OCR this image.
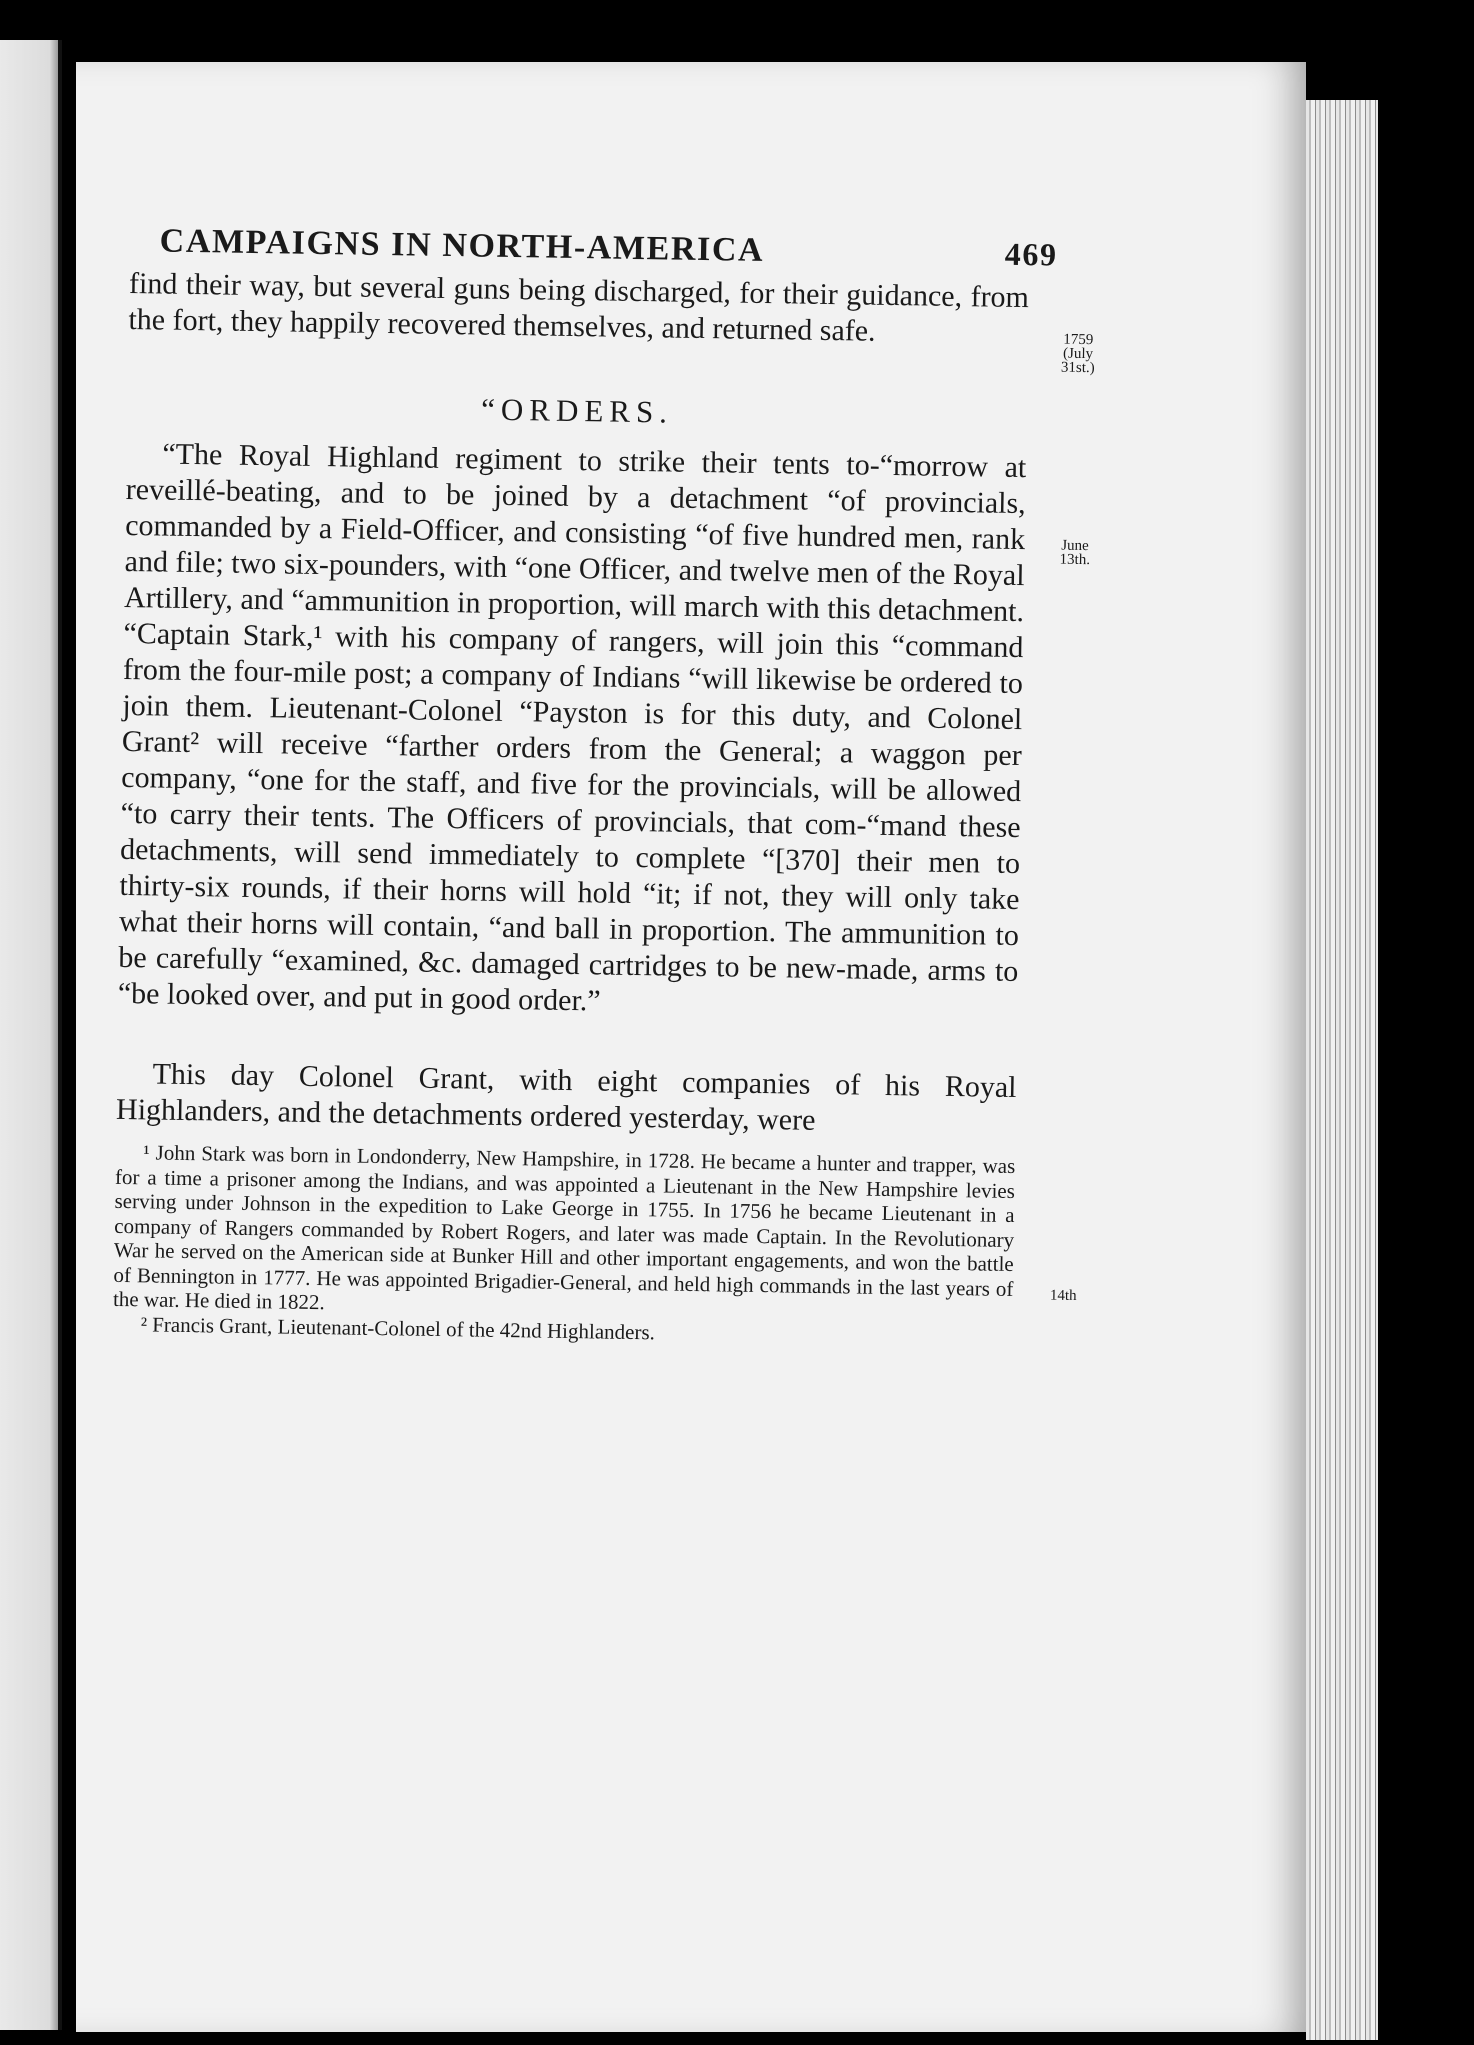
CAMPAIGNS IN NORTH-AMERICA	469

find their way, but several guns being discharged, for their guidance, from the fort, they happily recovered themselves, and returned safe.

“ORDERS.

“The Royal Highland regiment to strike their tents to-“morrow at reveillé-beating, and to be joined by a detachment “of provincials, commanded by a Field-Officer, and consisting “of five hundred men, rank and file; two six-pounders, with “one Officer, and twelve men of the Royal Artillery, and “ammunition in proportion, will march with this detachment. “Captain Stark,¹ with his company of rangers, will join this “command from the four-mile post; a company of Indians “will likewise be ordered to join them. Lieutenant-Colonel “Payston is for this duty, and Colonel Grant² will receive “farther orders from the General; a waggon per company, “one for the staff, and five for the provincials, will be allowed “to carry their tents. The Officers of provincials, that com-“mand these detachments, will send immediately to complete “[370] their men to thirty-six rounds, if their horns will hold “it; if not, they will only take what their horns will contain, “and ball in proportion. The ammunition to be carefully “examined, &c. damaged cartridges to be new-made, arms to “be looked over, and put in good order.”

This day Colonel Grant, with eight companies of his Royal Highlanders, and the detachments ordered yesterday, were

¹ John Stark was born in Londonderry, New Hampshire, in 1728. He became a hunter and trapper, was for a time a prisoner among the Indians, and was appointed a Lieutenant in the New Hampshire levies serving under Johnson in the expedition to Lake George in 1755. In 1756 he became Lieutenant in a company of Rangers commanded by Robert Rogers, and later was made Captain. In the Revolutionary War he served on the American side at Bunker Hill and other important engagements, and won the battle of Bennington in 1777. He was appointed Brigadier-General, and held high commands in the last years of the war. He died in 1822.

² Francis Grant, Lieutenant-Colonel of the 42nd Highlanders.

1759 (July 31st.)
June 13th.
14th
